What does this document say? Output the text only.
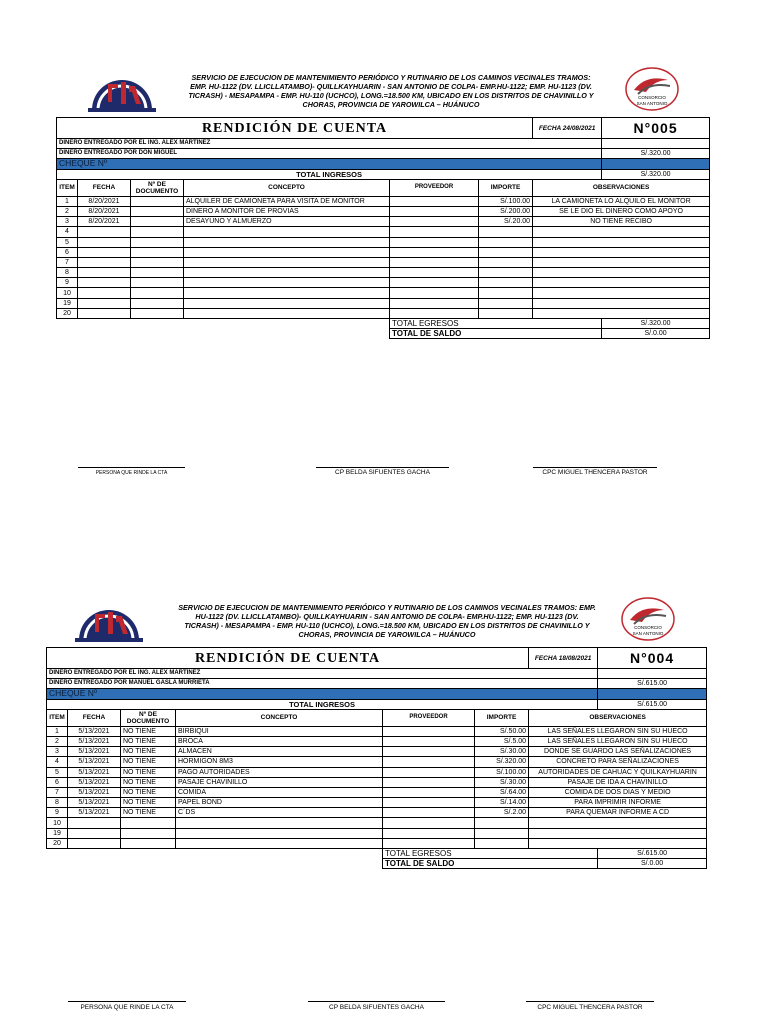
SERVICIO DE EJECUCION DE MANTENIMIENTO PERIÓDICO Y RUTINARIO DE LOS CAMINOS VECINALES TRAMOS: EMP. HU-1122 (DV. LLICLLATAMBO)- QUILLKAYHUARIN - SAN ANTONIO DE COLPA- EMP.HU-1122; EMP. HU-1123 (DV. TICRASH) - MESAPAMPA - EMP. HU-110 (UCHCO), LONG.=18.500 KM, UBICADO EN LOS DISTRITOS DE CHAVINILLO Y CHORAS, PROVINCIA DE YAROWILCA – HUÁNUCO
CONSORCIO
SAN ANTONIO
RENDICIÓN DE CUENTA						FECHA 24/08/2021	N°005
DINERO ENTREGADO POR EL ING. ALEX MARTINEZ							
DINERO ENTREGADO POR DON MIGUEL							S/.320.00
CHEQUE Nº							
TOTAL INGRESOS							S/.320.00
ITEM	FECHA	Nº DE DOCUMENTO	CONCEPTO	PROVEEDOR	IMPORTE	OBSERVACIONES	
1	8/20/2021		ALQUILER DE CAMIONETA PARA VISITA DE MONITOR		S/.100.00	LA CAMIONETA LO ALQUILO EL MONITOR	
2	8/20/2021		DINERO A MONITOR DE PROVIAS		S/.200.00	SE LE DIO EL DINERO COMO APOYO	
3	8/20/2021		DESAYUNO Y ALMUERZO		S/.20.00	NO TIENE RECIBO	
4							
5							
6							
7							
8							
9							
10							
19							
20							
				TOTAL EGRESOS			S/.320.00
				TOTAL DE SALDO			S/.0.00
PERSONA QUE RINDE LA CTA	CP BELDA SIFUENTES GACHA	CPC MIGUEL THENCERA PASTOR
SERVICIO DE EJECUCION DE MANTENIMIENTO PERIÓDICO Y RUTINARIO DE LOS CAMINOS VECINALES TRAMOS: EMP. HU-1122 (DV. LLICLLATAMBO)- QUILLKAYHUARIN - SAN ANTONIO DE COLPA- EMP.HU-1122; EMP. HU-1123 (DV. TICRASH) - MESAPAMPA - EMP. HU-110 (UCHCO), LONG.=18.500 KM, UBICADO EN LOS DISTRITOS DE CHAVINILLO Y CHORAS, PROVINCIA DE YAROWILCA – HUÁNUCO
CONSORCIO
SAN ANTONIO
RENDICIÓN DE CUENTA						FECHA 18/08/2021	N°004
DINERO ENTREGADO POR EL ING. ALEX MARTINEZ							
DINERO ENTREGADO POR MANUEL GASLA MURRIETA							S/.615.00
CHEQUE Nº							
TOTAL INGRESOS							S/.615.00
ITEM	FECHA	Nº DE DOCUMENTO	CONCEPTO	PROVEEDOR	IMPORTE	OBSERVACIONES	
1	5/13/2021	NO TIENE	BIRBIQUI		S/.50.00	LAS SEÑALES LLEGARON SIN SU HUECO	
2	5/13/2021	NO TIENE	BROCA		S/.5.00	LAS SEÑALES LLEGARON SIN SU HUECO	
3	5/13/2021	NO TIENE	ALMACEN		S/.30.00	DONDE SE GUARDO LAS SEÑALIZACIONES	
4	5/13/2021	NO TIENE	HORMIGON 8M3		S/.320.00	CONCRETO PARA SEÑALIZACIONES	
5	5/13/2021	NO TIENE	PAGO AUTORIDADES		S/.100.00	AUTORIDADES DE CAHUAC Y QUILKAYHUARIN	
6	5/13/2021	NO TIENE	PASAJE CHAVINILLO		S/.30.00	PASAJE DE IDA A CHAVINILLO	
7	5/13/2021	NO TIENE	COMIDA		S/.64.00	COMIDA DE DOS DIAS Y MEDIO	
8	5/13/2021	NO TIENE	PAPEL BOND		S/.14.00	PARA IMPRIMIR INFORME	
9	5/13/2021	NO TIENE	C´DS		S/.2.00	PARA QUEMAR INFORME A CD	
10							
19							
20							
				TOTAL EGRESOS			S/.615.00
				TOTAL DE SALDO			S/.0.00
PERSONA QUE RINDE LA CTA	CP BELDA SIFUENTES GACHA	CPC MIGUEL THENCERA PASTOR
